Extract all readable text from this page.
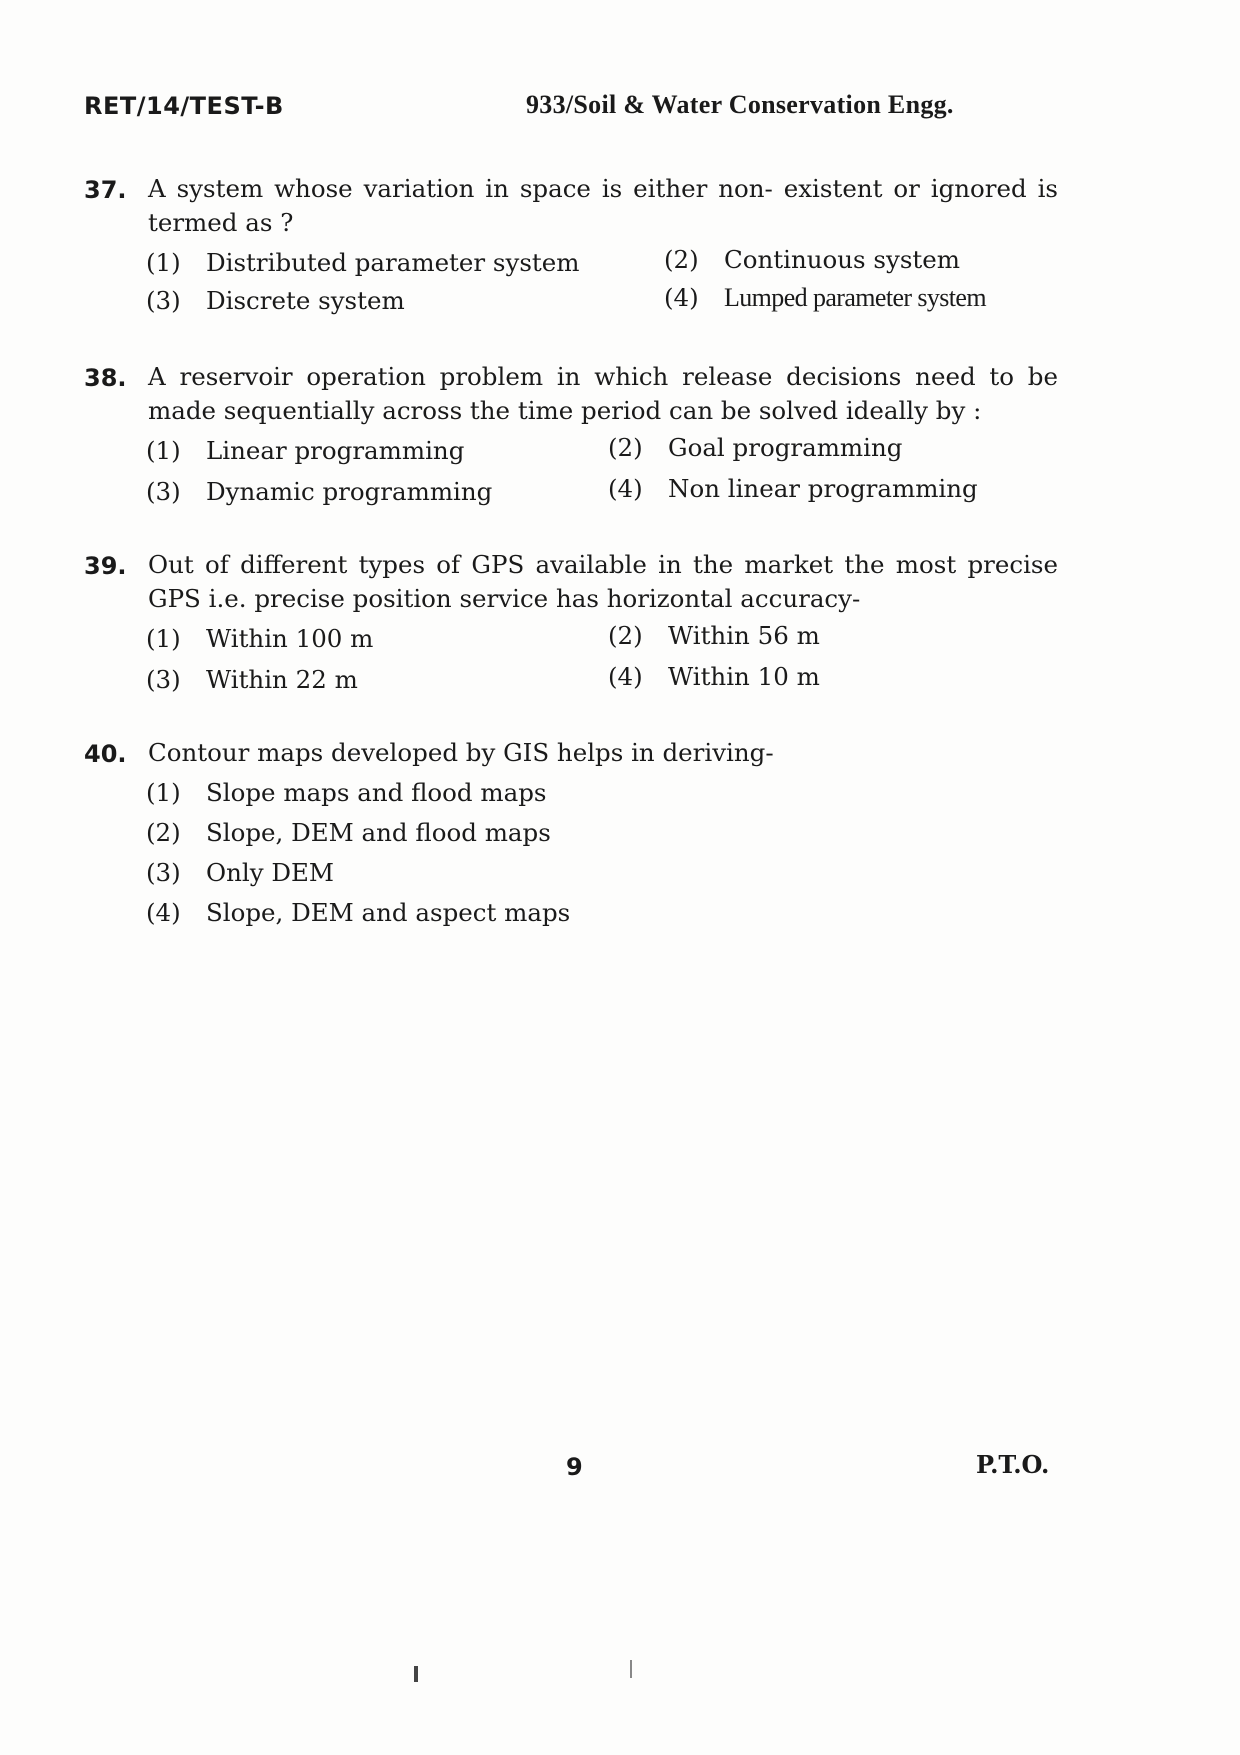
RET/14/TEST-B	933/Soil & Water Conservation Engg.
37. A system whose variation in space is either non- existent or ignored is termed as ?
(1) Distributed parameter system	(2) Continuous system
(3) Discrete system	(4) Lumped parameter system
38. A reservoir operation problem in which release decisions need to be made sequentially across the time period can be solved ideally by :
(1) Linear programming	(2) Goal programming
(3) Dynamic programming	(4) Non linear programming
39. Out of different types of GPS available in the market the most precise GPS i.e. precise position service has horizontal accuracy-
(1) Within 100 m	(2) Within 56 m
(3) Within 22 m	(4) Within 10 m
40. Contour maps developed by GIS helps in deriving-
(1) Slope maps and flood maps
(2) Slope, DEM and flood maps
(3) Only DEM
(4) Slope, DEM and aspect maps
9	P.T.O.
